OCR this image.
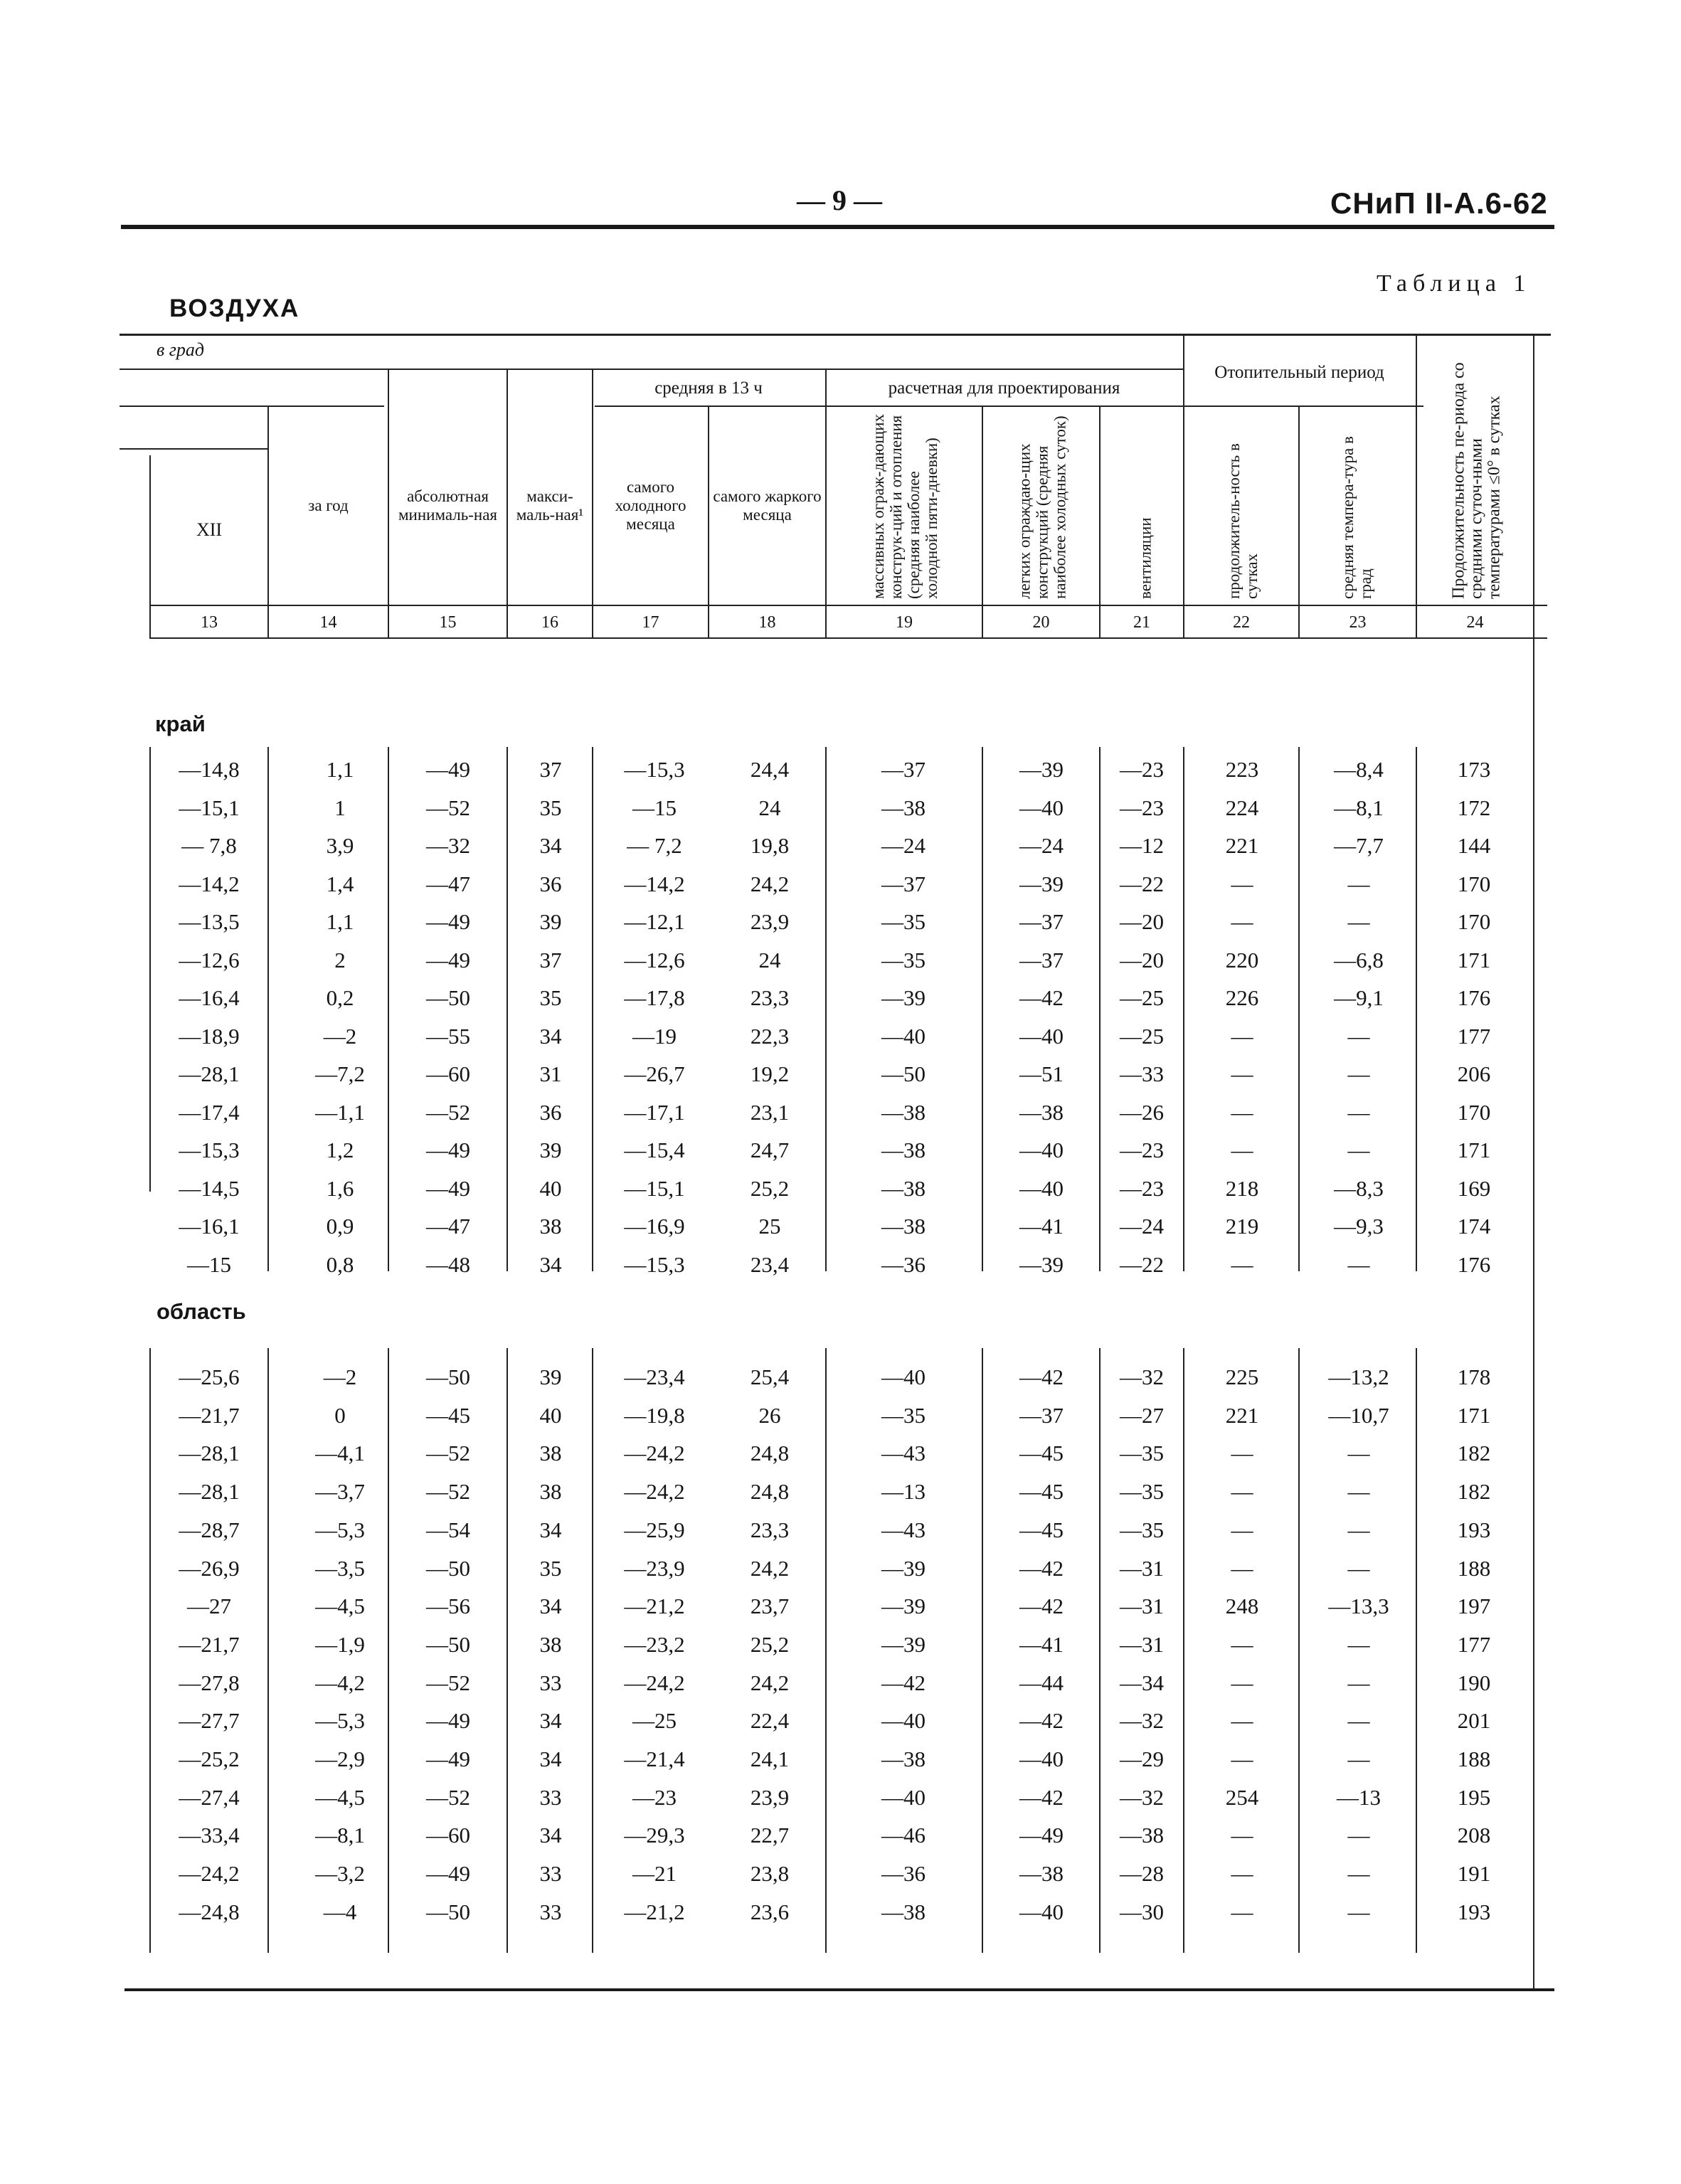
— 9 —	СНиП II-А.6-62
Таблица 1
ВОЗДУХА
в град
средняя в 13 ч	расчетная для проектирования
Отопительный период
XII
за год
абсолютная минималь-ная
макси-маль-ная¹
самого холодного месяца
самого жаркого месяца	массивных ограж-дающих конструк-ций и отопления (средняя наиболее холодной пяти-дневки)	легких ограждаю-щих конструкций (средняя наиболее холодных суток)	вентиляции	продолжитель-ность в сутках	средняя темпера-тура в град	Продолжительность пе-риода со средними суточ-ными температурами ≤0° в сутках
13	14	15	16	17	18	19	20	21	22	23	24
край
область
—14,8	1,1	—49	37	—15,3	24,4	—37	—39	—23	223	—8,4	173
—15,1	1	—52	35	—15	24	—38	—40	—23	224	—8,1	172
— 7,8	3,9	—32	34	— 7,2	19,8	—24	—24	—12	221	—7,7	144
—14,2	1,4	—47	36	—14,2	24,2	—37	—39	—22	—	—	170
—13,5	1,1	—49	39	—12,1	23,9	—35	—37	—20	—	—	170
—12,6	2	—49	37	—12,6	24	—35	—37	—20	220	—6,8	171
—16,4	0,2	—50	35	—17,8	23,3	—39	—42	—25	226	—9,1	176
—18,9	—2	—55	34	—19	22,3	—40	—40	—25	—	—	177
—28,1	—7,2	—60	31	—26,7	19,2	—50	—51	—33	—	—	206
—17,4	—1,1	—52	36	—17,1	23,1	—38	—38	—26	—	—	170
—15,3	1,2	—49	39	—15,4	24,7	—38	—40	—23	—	—	171
—14,5	1,6	—49	40	—15,1	25,2	—38	—40	—23	218	—8,3	169
—16,1	0,9	—47	38	—16,9	25	—38	—41	—24	219	—9,3	174
—15	0,8	—48	34	—15,3	23,4	—36	—39	—22	—	—	176
—25,6	—2	—50	39	—23,4	25,4	—40	—42	—32	225	—13,2	178
—21,7	0	—45	40	—19,8	26	—35	—37	—27	221	—10,7	171
—28,1	—4,1	—52	38	—24,2	24,8	—43	—45	—35	—	—	182
—28,1	—3,7	—52	38	—24,2	24,8	—13	—45	—35	—	—	182
—28,7	—5,3	—54	34	—25,9	23,3	—43	—45	—35	—	—	193
—26,9	—3,5	—50	35	—23,9	24,2	—39	—42	—31	—	—	188
—27	—4,5	—56	34	—21,2	23,7	—39	—42	—31	248	—13,3	197
—21,7	—1,9	—50	38	—23,2	25,2	—39	—41	—31	—	—	177
—27,8	—4,2	—52	33	—24,2	24,2	—42	—44	—34	—	—	190
—27,7	—5,3	—49	34	—25	22,4	—40	—42	—32	—	—	201
—25,2	—2,9	—49	34	—21,4	24,1	—38	—40	—29	—	—	188
—27,4	—4,5	—52	33	—23	23,9	—40	—42	—32	254	—13	195
—33,4	—8,1	—60	34	—29,3	22,7	—46	—49	—38	—	—	208
—24,2	—3,2	—49	33	—21	23,8	—36	—38	—28	—	—	191
—24,8	—4	—50	33	—21,2	23,6	—38	—40	—30	—	—	193
